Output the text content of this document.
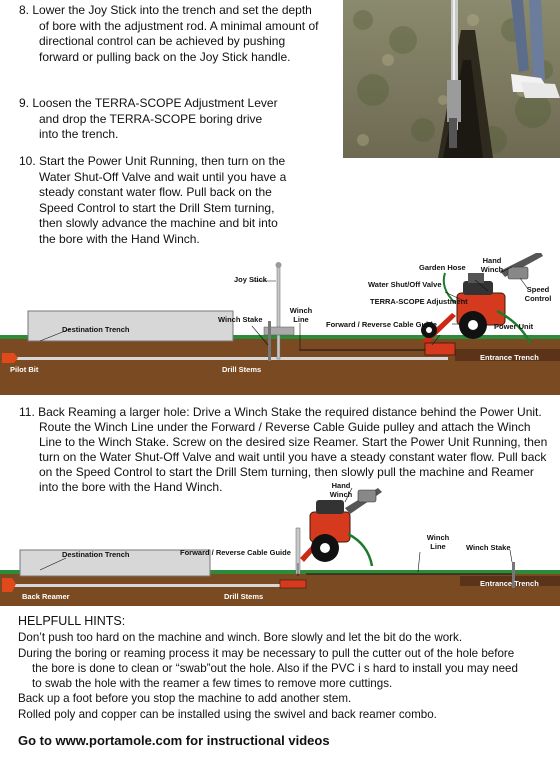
8. Lower the Joy Stick into the trench and set the depth of bore with the adjustment rod. A minimal amount of directional control can be achieved by pushing forward or pulling back on the Joy Stick handle.
9. Loosen the TERRA-SCOPE Adjustment Lever and drop the TERRA-SCOPE boring drive into the trench.
10. Start the Power Unit Running, then turn on the Water Shut-Off Valve and wait until you have a steady constant water flow. Pull back on the Speed Control to start the Drill Stem turning, then slowly advance the machine and bit into the bore with the Hand Winch.
Joy Stick
Garden Hose
Hand Winch
Water Shut/Off Valve
Speed Control
TERRA-SCOPE Adjustment
Winch Line
Winch Stake
Forward / Reverse Cable Guide
Destination Trench	Power Unit
Entrance Trench
Pilot Bit	Drill Stems
11. Back Reaming a larger hole: Drive a Winch Stake the required distance behind the Power Unit. Route the Winch Line under the Forward / Reverse Cable Guide pulley and attach the Winch Line to the Winch Stake. Screw on the desired size Reamer. Start the Power Unit Running, then turn on the Water Shut-Off Valve and wait until you have a steady constant water flow. Pull back on the Speed Control to start the Drill Stem turning, then slowly pull the machine and Reamer into the bore with the Hand Winch.	Hand Winch
Destination Trench	Forward / Reverse Cable Guide
Winch Line	Winch Stake
Entrance Trench
Back Reamer	Drill Stems
HELPFULL HINTS:
Don’t push too hard on the machine and winch. Bore slowly and let the bit do the work.
During the boring or reaming process it may be necessary to pull the cutter out of the hole before
the bore is done to clean or “swab”out the hole. Also if the PVC i s hard to install you may need
to swab the hole with the reamer a few times to remove more cuttings.
Back up a foot before you stop the machine to add another stem.
Rolled poly and copper can be installed using the swivel and back reamer combo.
Go to www.portamole.com for instructional videos
